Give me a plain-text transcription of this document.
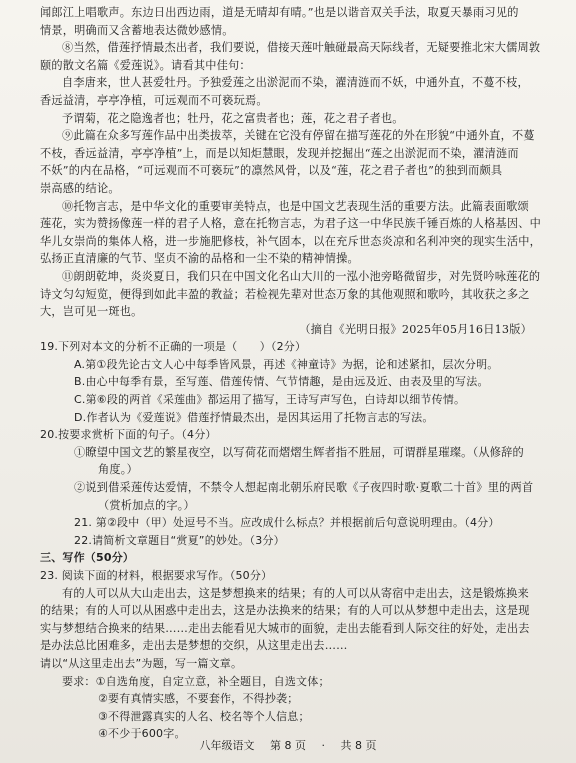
闻郎江上唱歌声。东边日出西边雨，道是无晴却有晴。”也是以谐音双关手法，取夏天暴雨习见的
情景，明确而又含蓄地表达微妙感情。
⑧当然，借莲抒情最杰出者，我们要说，借接天莲叶触碰最高天际线者，无疑要推北宋大儒周敦
颐的散文名篇《爱莲说》。请看其中佳句：
自李唐来，世人甚爱牡丹。予独爱莲之出淤泥而不染，濯清涟而不妖，中通外直，不蔓不枝，
香远益清，亭亭净植，可远观而不可亵玩焉。
予谓菊，花之隐逸者也；牡丹，花之富贵者也；莲，花之君子者也。
⑨此篇在众多写莲作品中出类拔萃，关键在它没有停留在描写莲花的外在形貌“中通外直，不蔓
不枝，香远益清，亭亭净植”上，而是以知炬慧眼，发现并挖掘出“莲之出淤泥而不染，濯清涟而
不妖”的内在品格，“可远观而不可亵玩”的凛然风骨，以及“莲，花之君子者也”的独到而颇具
崇高感的结论。
⑩托物言志，是中华文化的重要审美特点，也是中国文艺表现生活的重要方法。此篇表面歌颂
莲花，实为赞扬像莲一样的君子人格，意在托物言志，为君子这一中华民族千锤百炼的人格基因、中
华儿女崇尚的集体人格，进一步施肥修枝，补气固本，以在充斥世态炎凉和名利冲突的现实生活中，
弘扬正直清廉的气节、坚贞不渝的品格和一尘不染的精神情操。
⑪朗朗乾坤，炎炎夏日，我们只在中国文化名山大川的一泓小池旁略微留步，对先贤吟咏莲花的
诗文匀勾短览，便得到如此丰盈的教益；若检视先辈对世态万象的其他观照和歌吟，其收获之多之
大，岂可见一斑也。
（摘自《光明日报》2025年05月16日13版）
19.下列对本文的分析不正确的一项是（　　）（2分）
A.第①段先论古文人心中每季皆风景，再述《神童诗》为据，论和述紧扣，层次分明。
B.由心中每季有景，至写莲、借莲传情、气节情趣，是由远及近、由表及里的写法。
C.第⑥段的两首《采莲曲》都运用了描写，王诗写声写色，白诗却以细节传情。
D.作者认为《爱莲说》借莲抒情最杰出，是因其运用了托物言志的写法。
20.按要求赏析下面的句子。（4分）
①瞭望中国文艺的繁星夜空，以写荷花而熠熠生辉者指不胜屈，可谓群星璀璨。（从修辞的
角度。）
②说到借采莲传达爱情，不禁令人想起南北朝乐府民歌《子夜四时歌·夏歌二十首》里的两首
（赏析加点的字。）
21. 第②段中（甲）处逗号不当。应改成什么标点？并根据前后句意说明理由。（4分）
22.请简析文章题目“赏夏”的妙处。（3分）
三、写作（50分）
23. 阅读下面的材料，根据要求写作。（50分）
有的人可以从大山走出去，这是梦想换来的结果；有的人可以从寄宿中走出去，这是锻炼换来
的结果；有的人可以从困惑中走出去，这是办法换来的结果；有的人可以从梦想中走出去，这是现
实与梦想结合换来的结果……走出去能看见大城市的面貌，走出去能看到人际交往的好处，走出去
是办法总比困难多，走出去是梦想的交织，从这里走出去……
请以“从这里走出去”为题，写一篇文章。
要求：①自选角度，自定立意，补全题目，自选文体；
②要有真情实感，不要套作，不得抄袭；
③不得泄露真实的人名、校名等个人信息；
④不少于600字。
八年级语文 第 8 页 · 共 8 页
